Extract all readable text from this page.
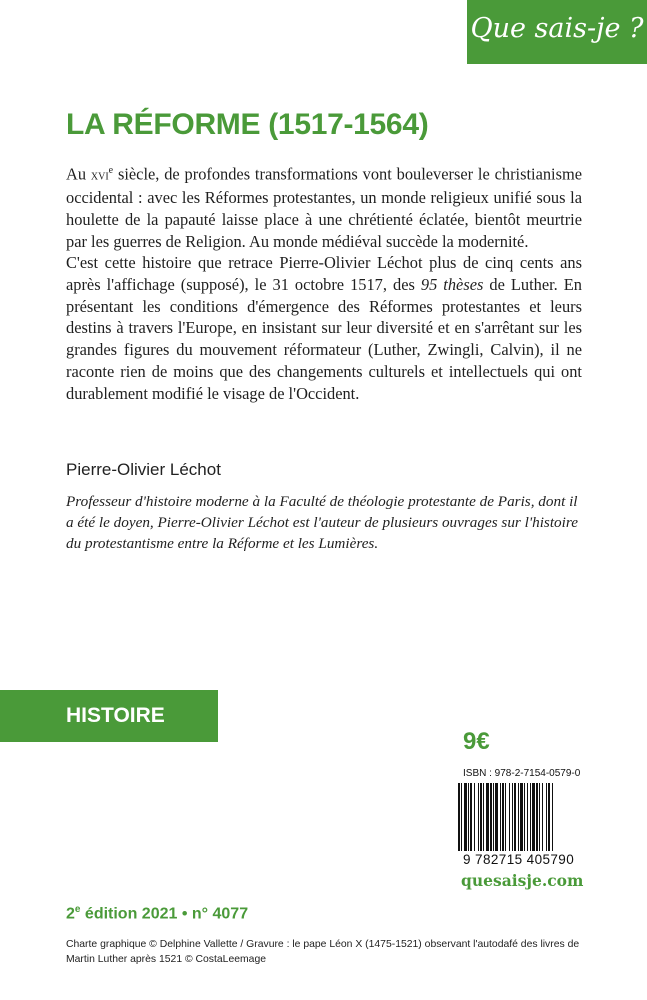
Que sais-je ?
LA RÉFORME (1517-1564)

Au xvi$^e$ siècle, de profondes transformations vont bouleverser le christianisme occidental : avec les Réformes protestantes, un monde religieux unifié sous la houlette de la papauté laisse place à une chrétienté éclatée, bientôt meurtrie par les guerres de Religion. Au monde médiéval succède la modernité.

C'est cette histoire que retrace Pierre-Olivier Léchot plus de cinq cents ans après l'affichage (supposé), le 31 octobre 1517, des 95 thèses de Luther. En présentant les conditions d'émergence des Réformes protestantes et leurs destins à travers l'Europe, en insistant sur leur diversité et en s'arrêtant sur les grandes figures du mouvement réformateur (Luther, Zwingli, Calvin), il ne raconte rien de moins que des changements culturels et intellectuels qui ont durablement modifié le visage de l'Occident.

Pierre-Olivier Léchot
Professeur d'histoire moderne à la Faculté de théologie protestante de Paris, dont il a été le doyen, Pierre-Olivier Léchot est l'auteur de plusieurs ouvrages sur l'histoire du protestantisme entre la Réforme et les Lumières.
HISTOIRE
9€
ISBN : 978-2-7154-0579-0
9 782715 405790
quesaisje.com
2e édition 2021 • n° 4077
Charte graphique © Delphine Vallette / Gravure : le pape Léon X (1475-1521) observant l'autodafé des livres de Martin Luther après 1521 © CostaLeemage
